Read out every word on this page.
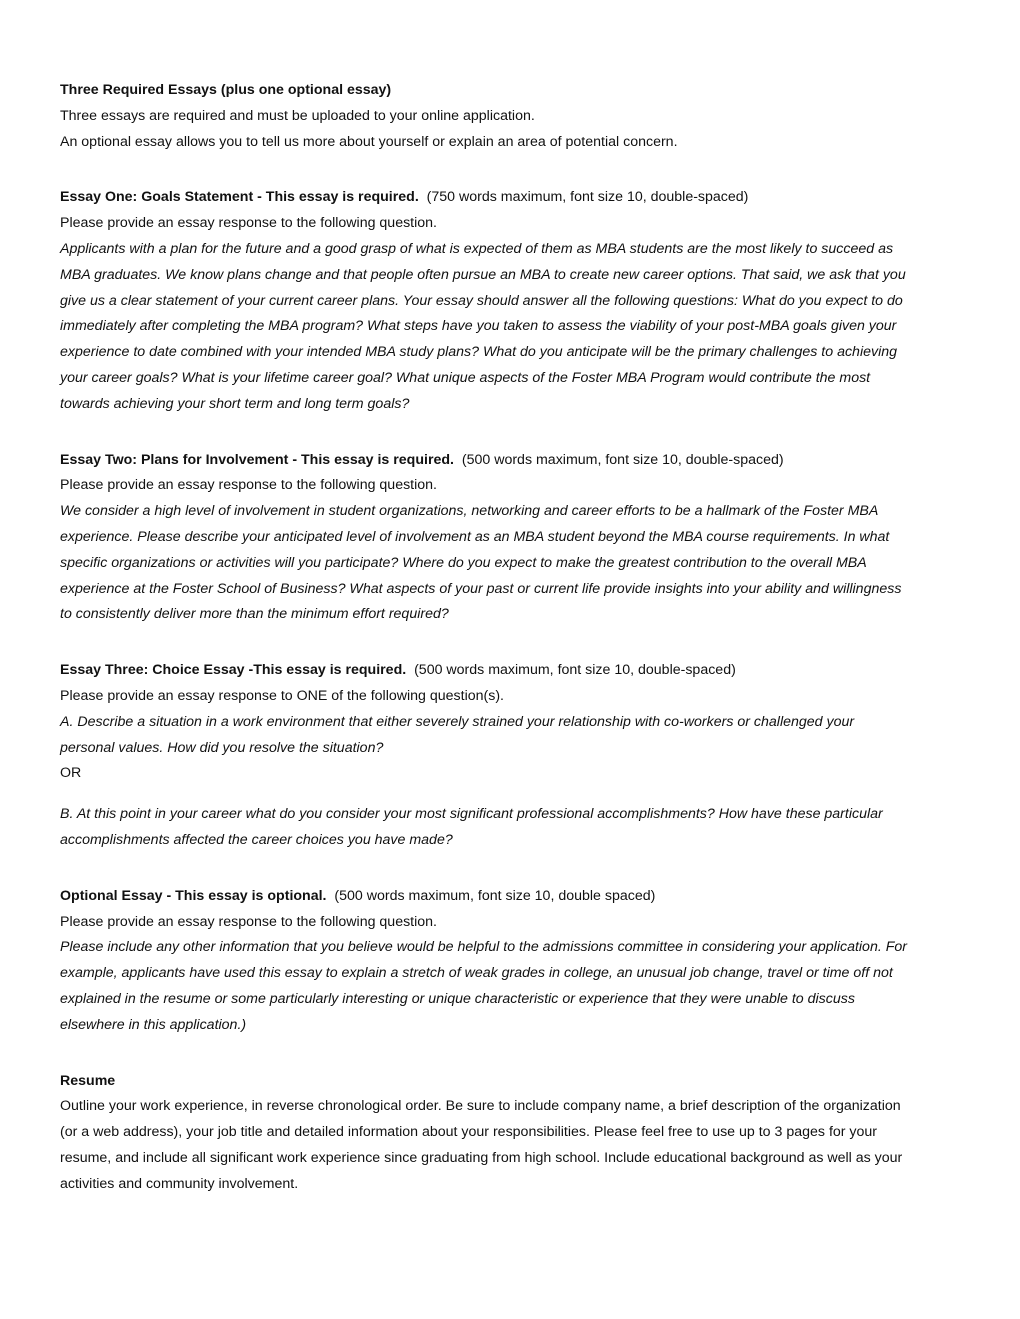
Three Required Essays (plus one optional essay)
Three essays are required and must be uploaded to your online application.
An optional essay allows you to tell us more about yourself or explain an area of potential concern.
Essay One: Goals Statement - This essay is required. (750 words maximum, font size 10, double-spaced)
Please provide an essay response to the following question.
Applicants with a plan for the future and a good grasp of what is expected of them as MBA students are the most likely to succeed as
MBA graduates. We know plans change and that people often pursue an MBA to create new career options. That said, we ask that you
give us a clear statement of your current career plans. Your essay should answer all the following questions: What do you expect to do
immediately after completing the MBA program? What steps have you taken to assess the viability of your post-MBA goals given your
experience to date combined with your intended MBA study plans? What do you anticipate will be the primary challenges to achieving
your career goals? What is your lifetime career goal? What unique aspects of the Foster MBA Program would contribute the most
towards achieving your short term and long term goals?
Essay Two: Plans for Involvement - This essay is required. (500 words maximum, font size 10, double-spaced)
Please provide an essay response to the following question.
We consider a high level of involvement in student organizations, networking and career efforts to be a hallmark of the Foster MBA
experience. Please describe your anticipated level of involvement as an MBA student beyond the MBA course requirements. In what
specific organizations or activities will you participate? Where do you expect to make the greatest contribution to the overall MBA
experience at the Foster School of Business? What aspects of your past or current life provide insights into your ability and willingness
to consistently deliver more than the minimum effort required?
Essay Three: Choice Essay -This essay is required. (500 words maximum, font size 10, double-spaced)
Please provide an essay response to ONE of the following question(s).
A. Describe a situation in a work environment that either severely strained your relationship with co-workers or challenged your
personal values. How did you resolve the situation?
OR
B. At this point in your career what do you consider your most significant professional accomplishments? How have these particular
accomplishments affected the career choices you have made?
Optional Essay - This essay is optional. (500 words maximum, font size 10, double spaced)
Please provide an essay response to the following question.
Please include any other information that you believe would be helpful to the admissions committee in considering your application. For
example, applicants have used this essay to explain a stretch of weak grades in college, an unusual job change, travel or time off not
explained in the resume or some particularly interesting or unique characteristic or experience that they were unable to discuss
elsewhere in this application.)
Resume
Outline your work experience, in reverse chronological order. Be sure to include company name, a brief description of the organization
(or a web address), your job title and detailed information about your responsibilities. Please feel free to use up to 3 pages for your
resume, and include all significant work experience since graduating from high school. Include educational background as well as your
activities and community involvement.
